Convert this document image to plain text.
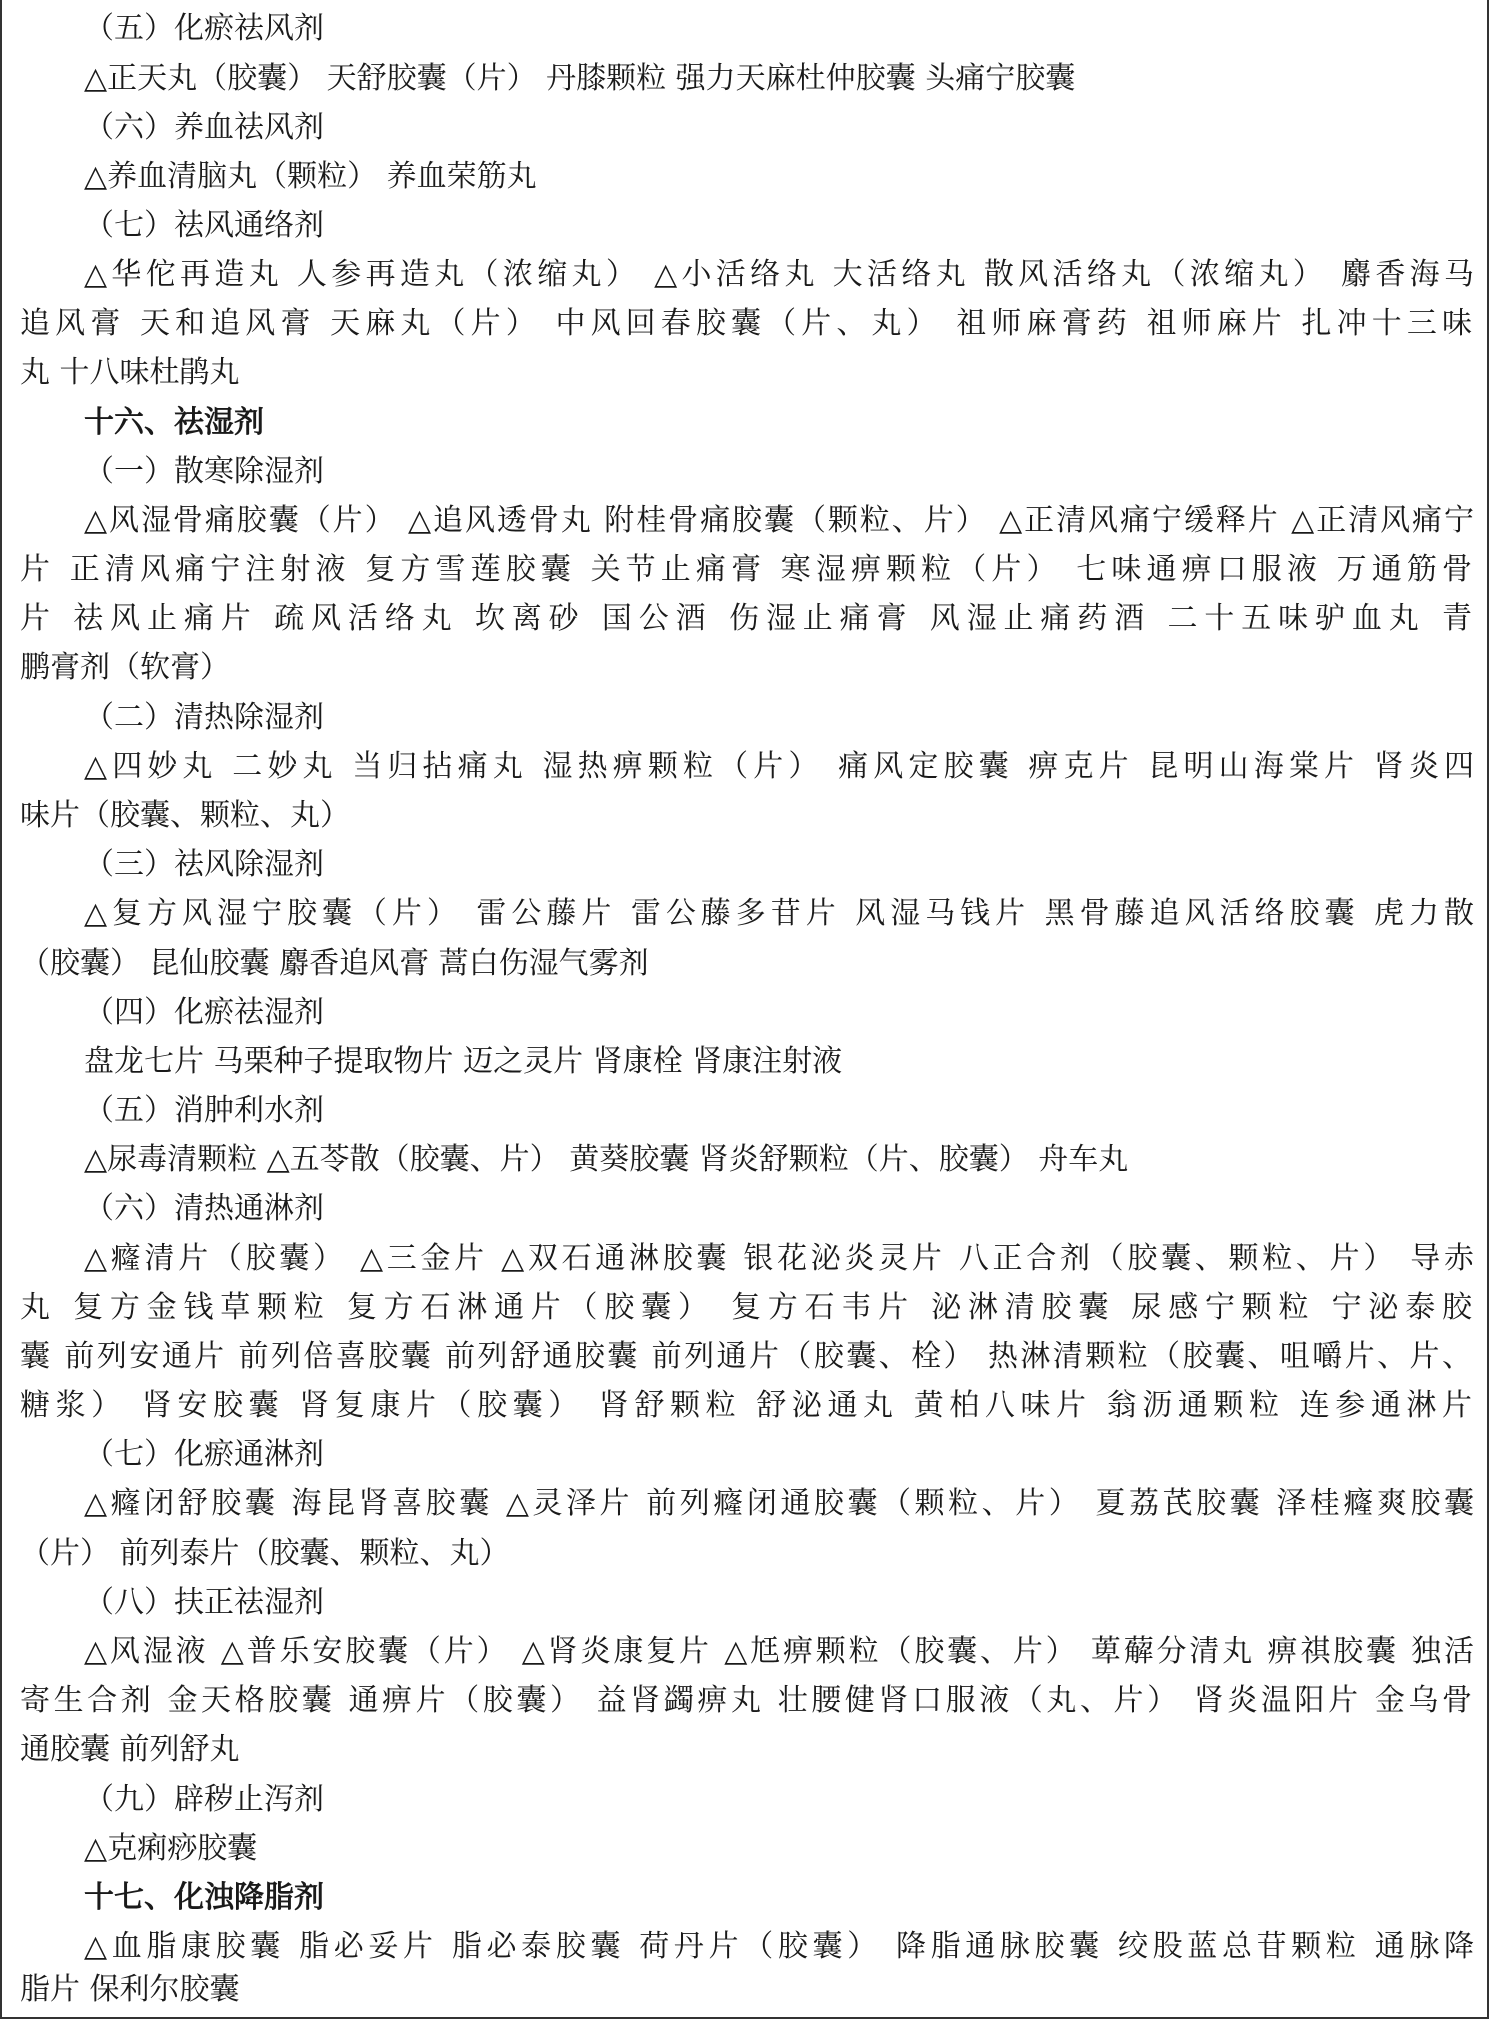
（五）化瘀祛风剂
△正天丸（胶囊） 天舒胶囊（片） 丹膝颗粒 强力天麻杜仲胶囊 头痛宁胶囊
（六）养血祛风剂
△养血清脑丸（颗粒） 养血荣筋丸
（七）祛风通络剂
△华佗再造丸 人参再造丸（浓缩丸） △小活络丸 大活络丸 散风活络丸（浓缩丸） 麝香海马
追风膏 天和追风膏 天麻丸（片） 中风回春胶囊（片、丸） 祖师麻膏药 祖师麻片 扎冲十三味
丸 十八味杜鹃丸
十六、祛湿剂
（一）散寒除湿剂
△风湿骨痛胶囊（片） △追风透骨丸 附桂骨痛胶囊（颗粒、片） △正清风痛宁缓释片 △正清风痛宁
片 正清风痛宁注射液 复方雪莲胶囊 关节止痛膏 寒湿痹颗粒（片） 七味通痹口服液 万通筋骨
片 祛风止痛片 疏风活络丸 坎离砂 国公酒 伤湿止痛膏 风湿止痛药酒 二十五味驴血丸 青
鹏膏剂（软膏）
（二）清热除湿剂
△四妙丸 二妙丸 当归拈痛丸 湿热痹颗粒（片） 痛风定胶囊 痹克片 昆明山海棠片 肾炎四
味片（胶囊、颗粒、丸）
（三）祛风除湿剂
△复方风湿宁胶囊（片） 雷公藤片 雷公藤多苷片 风湿马钱片 黑骨藤追风活络胶囊 虎力散
（胶囊） 昆仙胶囊 麝香追风膏 蒿白伤湿气雾剂
（四）化瘀祛湿剂
盘龙七片 马栗种子提取物片 迈之灵片 肾康栓 肾康注射液
（五）消肿利水剂
△尿毒清颗粒 △五苓散（胶囊、片） 黄葵胶囊 肾炎舒颗粒（片、胶囊） 舟车丸
（六）清热通淋剂
△癃清片（胶囊） △三金片 △双石通淋胶囊 银花泌炎灵片 八正合剂（胶囊、颗粒、片） 导赤
丸 复方金钱草颗粒 复方石淋通片（胶囊） 复方石韦片 泌淋清胶囊 尿感宁颗粒 宁泌泰胶
囊 前列安通片 前列倍喜胶囊 前列舒通胶囊 前列通片（胶囊、栓） 热淋清颗粒（胶囊、咀嚼片、片、
糖浆） 肾安胶囊 肾复康片（胶囊） 肾舒颗粒 舒泌通丸 黄柏八味片 翁沥通颗粒 连参通淋片
（七）化瘀通淋剂
△癃闭舒胶囊 海昆肾喜胶囊 △灵泽片 前列癃闭通胶囊（颗粒、片） 夏荔芪胶囊 泽桂癃爽胶囊
（片） 前列泰片（胶囊、颗粒、丸）
（八）扶正祛湿剂
△风湿液 △普乐安胶囊（片） △肾炎康复片 △尪痹颗粒（胶囊、片） 萆薢分清丸 痹祺胶囊 独活
寄生合剂 金天格胶囊 通痹片（胶囊） 益肾蠲痹丸 壮腰健肾口服液（丸、片） 肾炎温阳片 金乌骨
通胶囊 前列舒丸
（九）辟秽止泻剂
△克痢痧胶囊
十七、化浊降脂剂
△血脂康胶囊 脂必妥片 脂必泰胶囊 荷丹片（胶囊） 降脂通脉胶囊 绞股蓝总苷颗粒 通脉降
脂片 保利尔胶囊
